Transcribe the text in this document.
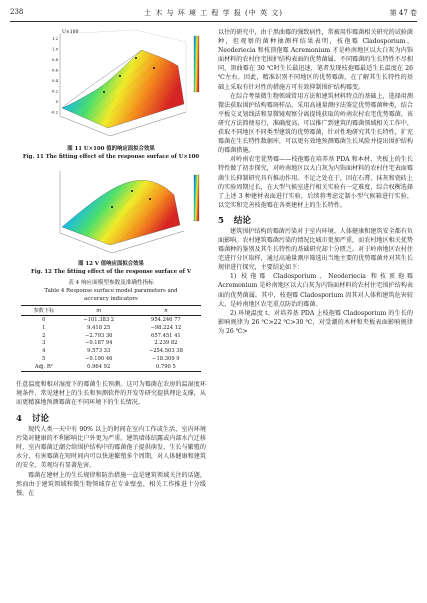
238	土 木 与 环 境 工 程 学 报 (中 英 文)	第 47 卷
U×100
1.2
1.0
0.8
0.6
0.4
0.2
0
-0.2

图 11 U×100 值的响应面拟合效果

Fig. 11 The fitting effect of the response surface of U×100

图 12 V 值响应面拟合效果

Fig. 12 The fitting effect of the response surface of V

表 4 响应面模型参数及准确性指标

Table 4 Response surface model parameters and

accuracy indicators

参数下标	m	n
0	−101.383 2	954.246 77
1	9.418 25	−98.224 12
2	−2.793 36	657.451 41
3	−0.187 94	2.239 82
4	9.573 33	−254.503 38
5	−0.190 46	−18.309 9
Adj. R²	0.964 92	0.790 5

任意温度和相对湿度下的霉菌生长预测。这可为霉菌在农房的温湿度环境条件、常见建材上的生长和预测软件的开发等研究提供理论支撑，从而更精准地预测霉菌在不同环境下的生长情况。

4 讨论

现代人类一天中有 90% 以上的时间在室内工作或生活，室内环境污染对健康的不利影响比户外更为严重。建筑墙体结露或内部水汽迁移时，室内霉菌迁潮会给围护结构中的霉菌孢子提供萌发、生长与繁殖的水分，有害霉菌在短时间内可以快速繁殖多个周期，对人体健康和建筑的安全、美观均有显著危害。

霉菌在建材上的生长规律和防治措施一直是建筑领域关注的话题，然而由于建筑领域和微生物领域存在专业壁垒，相关工作推进十分缓慢。在

以往的研究中，由于黑曲霉的强致病性，常被用作霉菌相关研究的试验菌种，但观察的菌种抽测样结果表明，枝孢霉 Cladosporium、Neoderiecia 和枝顶孢霉 Acremonium 才是岭南地区以大白灰为内饰面材料的农村住宅围护结构表面的优势菌属。不同霉菌的生长特性不尽相同，黑曲霉在 30 ℃时生长最迅速，笔者发现枝孢霉最适生长温度在 26 ℃左右。因此，精准识别不同地区的优势霉菌，在了解其生长特性的基础上采取有针对性的措施方可有效抑制围护结构霉变。

在综合考量微生物领域常用方法和建筑材料特点的基础上，选择用测微法获取围护结构霉斑样品，采用高通量测序法鉴定优势霉菌种类，结合平板交叉划线法和显微镜观察分离提纯获取的岭南农村农宅优势霉菌。该研究方法简便易行，准确度高，可以推广到建筑的霉菌领域相关工作中，获取不同地区不同类型建筑的优势霉菌，针对性地研究其生长特性，扩充霉菌在生长特性数据库，可以更有效地预测霉菌生长风险并提出围护结构的霉菌措施。

对岭南农宅优势霉——枝孢霉在培养基 PDA 和本材、夹板上的生长特性做了初步探究，对岭南地区以大白灰为内饰面材料的农村住宅表面霉菌生长抑制研究具有推动作用。不足之处在于，因在石膏、抹灰和瓷砖上的实验周期过长，在大型气候室进行相关实验有一定难度，综合权衡选择了上述 3 种建材表面进行实验，后续将考虑定制小型气候箱进行实验，以完实和完善枝孢霉在各类建材上的生长特性。

5 结论

建筑围护结构的霉菌污染对于室内环境、人体健康和建筑安全都有负面影响。农村建筑霉菌污染的情况比城市更加严重，而农村地区相关优势霉菌种的鉴别及其生长特性的基础研究却十分匮乏。对于岭南地区农村住宅进行分区取样，通过高通量测序筛选出当地主要的优势霉菌并对其生长规律进行探究，主要结论如下：

1) 枝孢霉 Cladosporium、Neoderiecia 和枝顶孢霉 Acremonium 是岭南地区以大白灰为内饰面材料的农村住宅围护结构表面的优势菌属。其中，枝孢霉 Cladosporium 因其对人体和建筑危害较大，是岭南地区农宅重点防治的霉菌。

2) 环境温度 t、对培养基 PDA 上枝孢霉 Cladosporium 的生长的影响规律为 26 ℃>22 ℃>30 ℃，对受潮的木材和夹板表面影响规律为 26 ℃>
